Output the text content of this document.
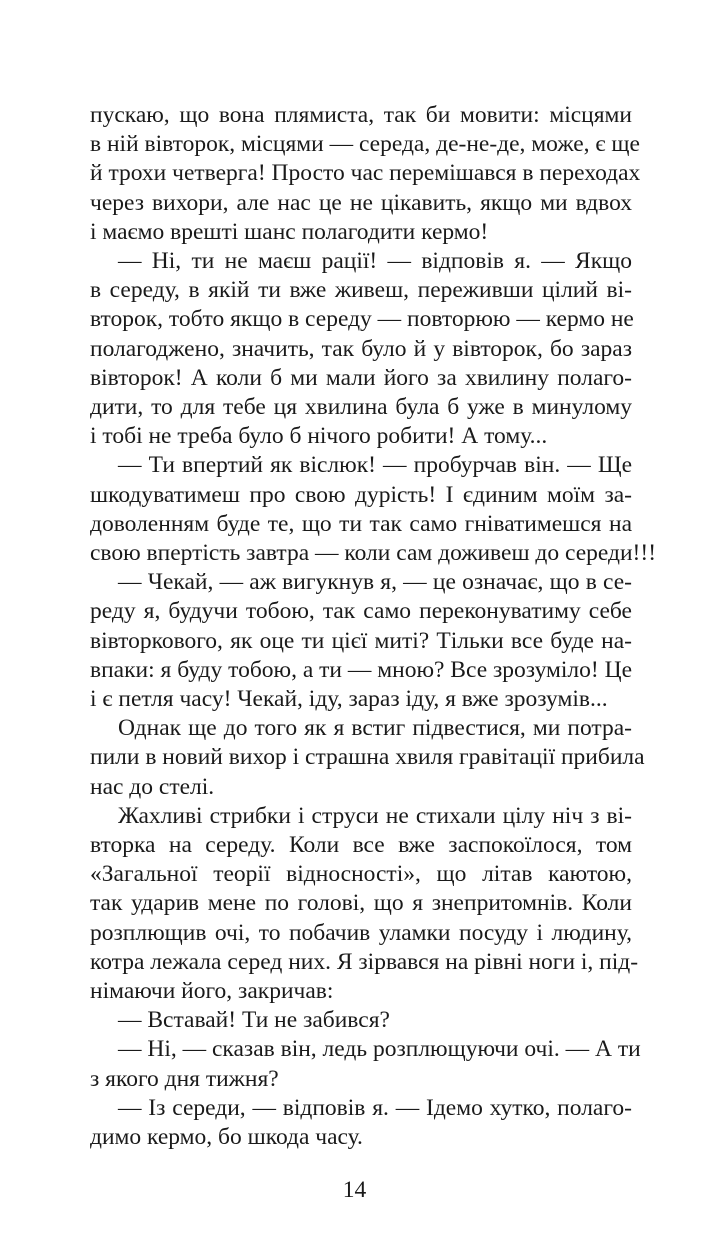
пускаю, що вона плямиста, так би мовити: місцями

в ній вівторок, місцями — середа, де-не-де, може, є ще

й трохи четверга! Просто час перемішався в переходах

через вихори, але нас це не цікавить, якщо ми вдвох

і маємо врешті шанс полагодити кермо!

— Ні, ти не маєш рації! — відповів я. — Якщо

в середу, в якій ти вже живеш, переживши цілий ві-

второк, тобто якщо в середу — повторюю — кермо не

полагоджено, значить, так було й у вівторок, бо зараз

вівторок! А коли б ми мали його за хвилину полаго-

дити, то для тебе ця хвилина була б уже в минулому

і тобі не треба було б нічого робити! А тому...

— Ти впертий як віслюк! — пробурчав він. — Ще

шкодуватимеш про свою дурість! І єдиним моїм за-

доволенням буде те, що ти так само гніватимешся на

свою впертість завтра — коли сам доживеш до середи!!!

— Чекай, — аж вигукнув я, — це означає, що в се-

реду я, будучи тобою, так само переконуватиму себе

вівторкового, як оце ти цієї миті? Тільки все буде на-

впаки: я буду тобою, а ти — мною? Все зрозуміло! Це

і є петля часу! Чекай, іду, зараз іду, я вже зрозумів...

Однак ще до того як я встиг підвестися, ми потра-

пили в новий вихор і страшна хвиля гравітації прибила

нас до стелі.

Жахливі стрибки і струси не стихали цілу ніч з ві-

вторка на середу. Коли все вже заспокоїлося, том

«Загальної теорії відносності», що літав каютою,

так ударив мене по голові, що я знепритомнів. Коли

розплющив очі, то побачив уламки посуду і людину,

котра лежала серед них. Я зірвався на рівні ноги і, під-

німаючи його, закричав:

— Вставай! Ти не забився?

— Ні, — сказав він, ледь розплющуючи очі. — А ти

з якого дня тижня?

— Із середи, — відповів я. — Ідемо хутко, полаго-

димо кермо, бо шкода часу.

14
